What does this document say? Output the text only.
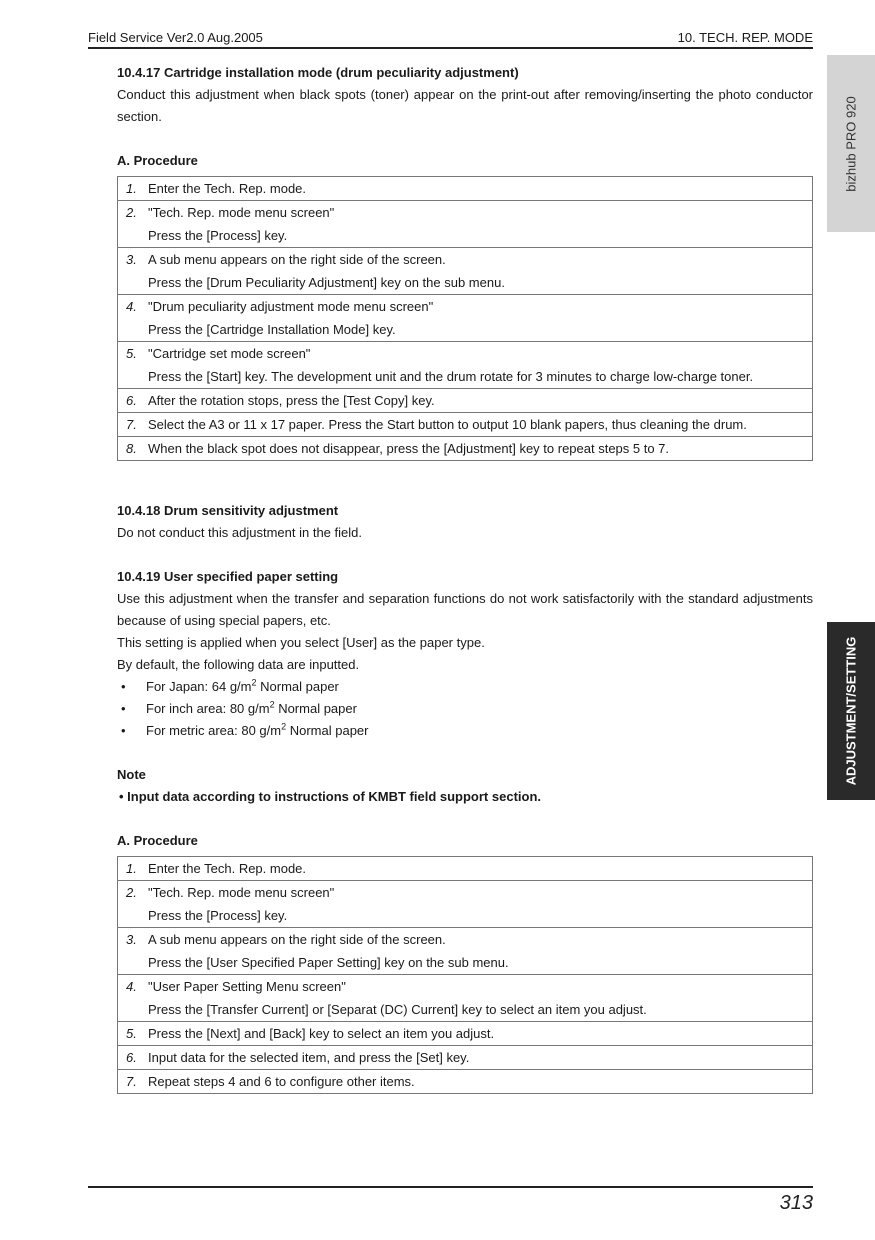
Field Service Ver2.0 Aug.2005	10. TECH. REP. MODE
bizhub PRO 920
ADJUSTMENT/SETTING

10.4.17 Cartridge installation mode (drum peculiarity adjustment)

Conduct this adjustment when black spots (toner) appear on the print-out after removing/inserting the photo conductor section.

A. Procedure

1. Enter the Tech. Rep. mode.

2. "Tech. Rep. mode menu screen"
Press the [Process] key.

3. A sub menu appears on the right side of the screen.
Press the [Drum Peculiarity Adjustment] key on the sub menu.

4. "Drum peculiarity adjustment mode menu screen"
Press the [Cartridge Installation Mode] key.

5. "Cartridge set mode screen"
Press the [Start] key. The development unit and the drum rotate for 3 minutes to charge low-charge toner.

6. After the rotation stops, press the [Test Copy] key.

7. Select the A3 or 11 x 17 paper. Press the Start button to output 10 blank papers, thus cleaning the drum.

8. When the black spot does not disappear, press the [Adjustment] key to repeat steps 5 to 7.

10.4.18 Drum sensitivity adjustment

Do not conduct this adjustment in the field.

10.4.19 User specified paper setting

Use this adjustment when the transfer and separation functions do not work satisfactorily with the standard adjustments because of using special papers, etc.

This setting is applied when you select [User] as the paper type.

By default, the following data are inputted.

• For Japan: 64 $g/m^2$ Normal paper
• For inch area: 80 $g/m^2$ Normal paper
• For metric area: 80 $g/m^2$ Normal paper

Note

• Input data according to instructions of KMBT field support section.

A. Procedure

1. Enter the Tech. Rep. mode.

2. "Tech. Rep. mode menu screen"
Press the [Process] key.

3. A sub menu appears on the right side of the screen.
Press the [User Specified Paper Setting] key on the sub menu.

4. "User Paper Setting Menu screen"
Press the [Transfer Current] or [Separat (DC) Current] key to select an item you adjust.

5. Press the [Next] and [Back] key to select an item you adjust.

6. Input data for the selected item, and press the [Set] key.

7. Repeat steps 4 and 6 to configure other items.
313
